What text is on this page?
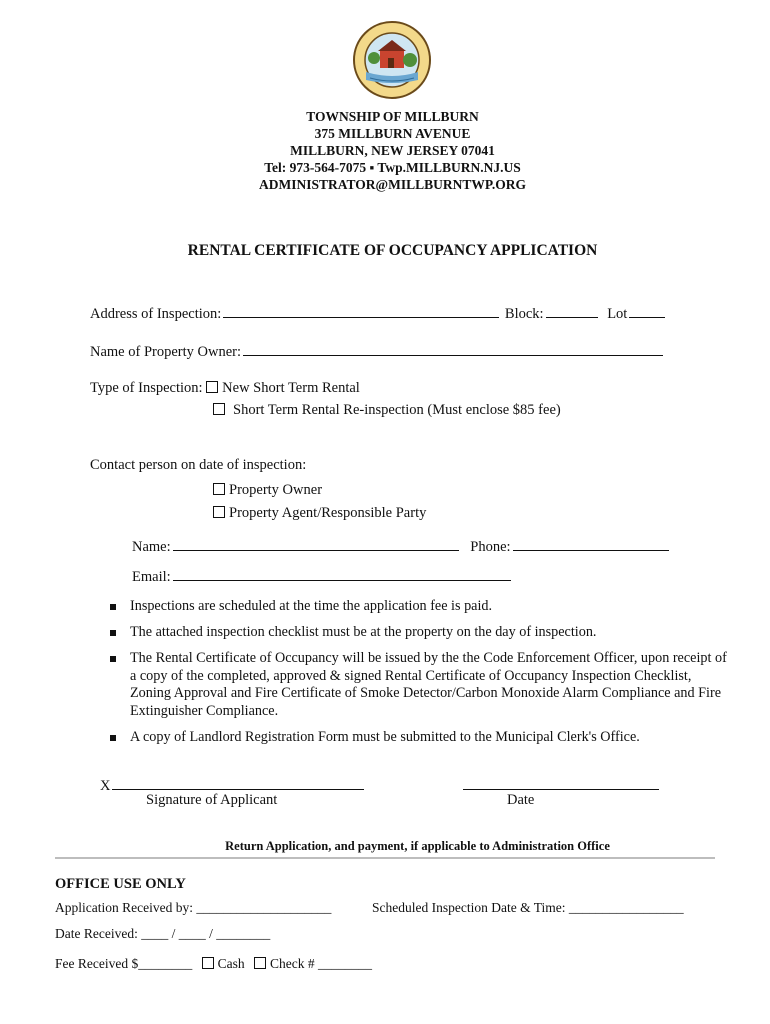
TOWNSHIP OF MILLBURN
375 MILLBURN AVENUE
MILLBURN, NEW JERSEY 07041
Tel: 973-564-7075 ▪ Twp.MILLBURN.NJ.US
ADMINISTRATOR@MILLBURNTWP.ORG
RENTAL CERTIFICATE OF OCCUPANCY APPLICATION
Address of Inspection:	Block:	Lot
Name of Property Owner:
Type of Inspection: New Short Term Rental
Short Term Rental Re-inspection (Must enclose $85 fee)
Contact person on date of inspection:
Property Owner
Property Agent/Responsible Party
Name:	Phone:
Email:
Inspections are scheduled at the time the application fee is paid.
The attached inspection checklist must be at the property on the day of inspection.
The Rental Certificate of Occupancy will be issued by the the Code Enforcement Officer, upon receipt of a copy of the completed, approved & signed Rental Certificate of Occupancy Inspection Checklist, Zoning Approval and Fire Certificate of Smoke Detector/Carbon Monoxide Alarm Compliance and Fire Extinguisher Compliance.
A copy of Landlord Registration Form must be submitted to the Municipal Clerk's Office.
X
Signature of Applicant	Date
Return Application, and payment, if applicable to Administration Office
OFFICE USE ONLY
Application Received by: ____________________	Scheduled Inspection Date & Time: _________________
Date Received: ____ / ____ / ________
Fee Received $________ Cash Check # ________
